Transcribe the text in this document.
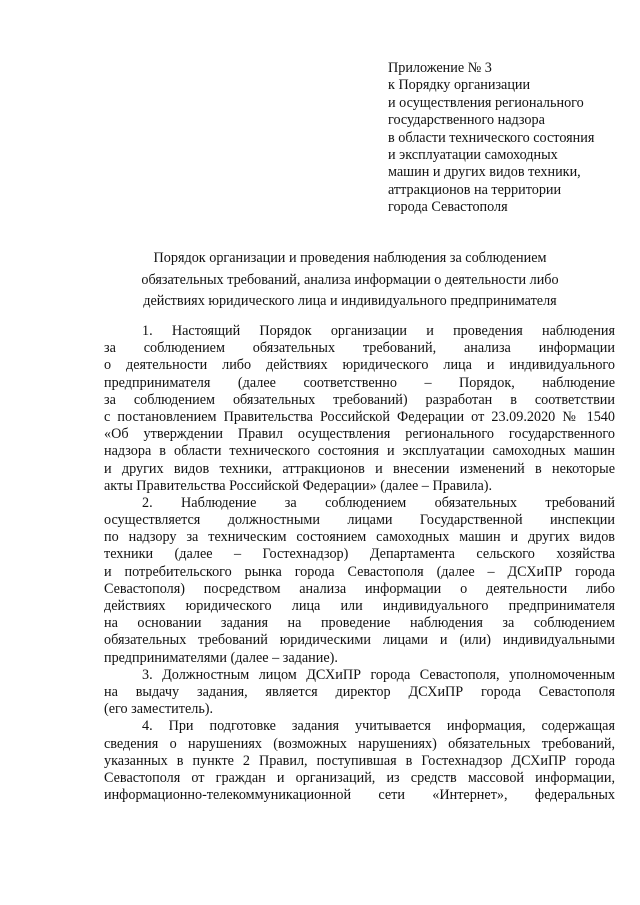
Приложение № 3
к Порядку организации
и осуществления регионального
государственного надзора
в области технического состояния
и эксплуатации самоходных
машин и других видов техники,
аттракционов на территории
города Севастополя
Порядок организации и проведения наблюдения за соблюдением
обязательных требований, анализа информации о деятельности либо
действиях юридического лица и индивидуального предпринимателя
1. Настоящий Порядок организации и проведения наблюдения
за соблюдением обязательных требований, анализа информации
о деятельности либо действиях юридического лица и индивидуального
предпринимателя (далее соответственно – Порядок, наблюдение
за соблюдением обязательных требований) разработан в соответствии
с постановлением Правительства Российской Федерации от 23.09.2020 № 1540
«Об утверждении Правил осуществления регионального государственного
надзора в области технического состояния и эксплуатации самоходных машин
и других видов техники, аттракционов и внесении изменений в некоторые
акты Правительства Российской Федерации» (далее – Правила).
2. Наблюдение за соблюдением обязательных требований
осуществляется должностными лицами Государственной инспекции
по надзору за техническим состоянием самоходных машин и других видов
техники (далее – Гостехнадзор) Департамента сельского хозяйства
и потребительского рынка города Севастополя (далее – ДСХиПР города
Севастополя) посредством анализа информации о деятельности либо
действиях юридического лица или индивидуального предпринимателя
на основании задания на проведение наблюдения за соблюдением
обязательных требований юридическими лицами и (или) индивидуальными
предпринимателями (далее – задание).
3. Должностным лицом ДСХиПР города Севастополя, уполномоченным
на выдачу задания, является директор ДСХиПР города Севастополя
(его заместитель).
4. При подготовке задания учитывается информация, содержащая
сведения о нарушениях (возможных нарушениях) обязательных требований,
указанных в пункте 2 Правил, поступившая в Гостехнадзор ДСХиПР города
Севастополя от граждан и организаций, из средств массовой информации,
информационно-телекоммуникационной сети «Интернет», федеральных
